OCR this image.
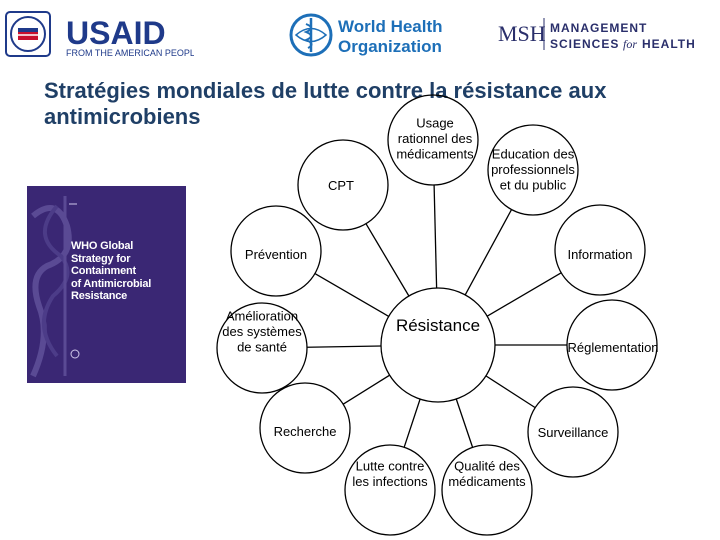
USAID
FROM THE AMERICAN PEOPLE
World Health
Organization
MSH MANAGEMENT
SCIENCES for HEALTH
Stratégies mondiales de lutte contre la résistance aux antimicrobiens
WHO Global
Strategy for
Containment
of Antimicrobial
Resistance
CPT
Usage rationnel des médicaments Education des professionnels et du public
Prévention	Information
Amélioration des systèmes de santé	Réglementation
Recherche	Surveillance
Lutte contre les infections
Qualité des médicaments
Résistance
